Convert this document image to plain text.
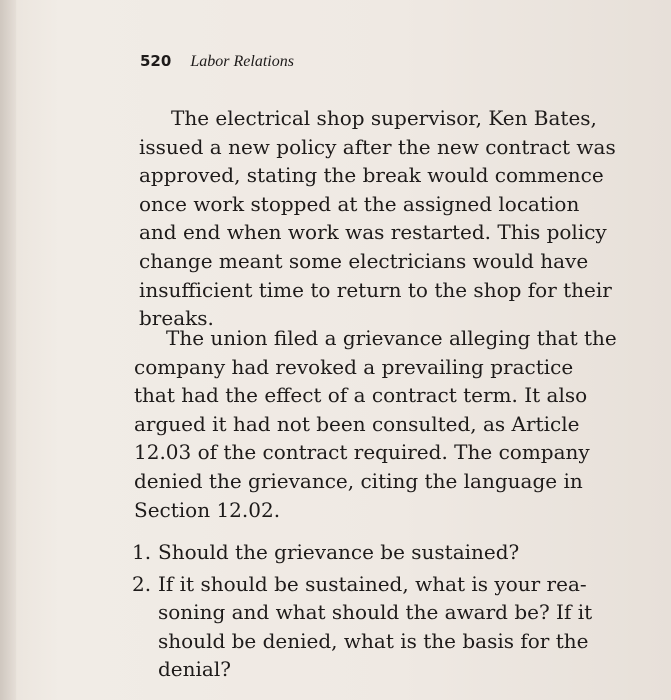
520 Labor Relations

The electrical shop supervisor, Ken Bates,
issued a new policy after the new contract was
approved, stating the break would commence
once work stopped at the assigned location
and end when work was restarted. This policy
change meant some electricians would have
insufficient time to return to the shop for their
breaks.

The union filed a grievance alleging that the
company had revoked a prevailing practice
that had the effect of a contract term. It also
argued it had not been consulted, as Article
12.03 of the contract required. The company
denied the grievance, citing the language in
Section 12.02.

1. Should the grievance be sustained?
2. If it should be sustained, what is your rea-
soning and what should the award be? If it
should be denied, what is the basis for the
denial?
